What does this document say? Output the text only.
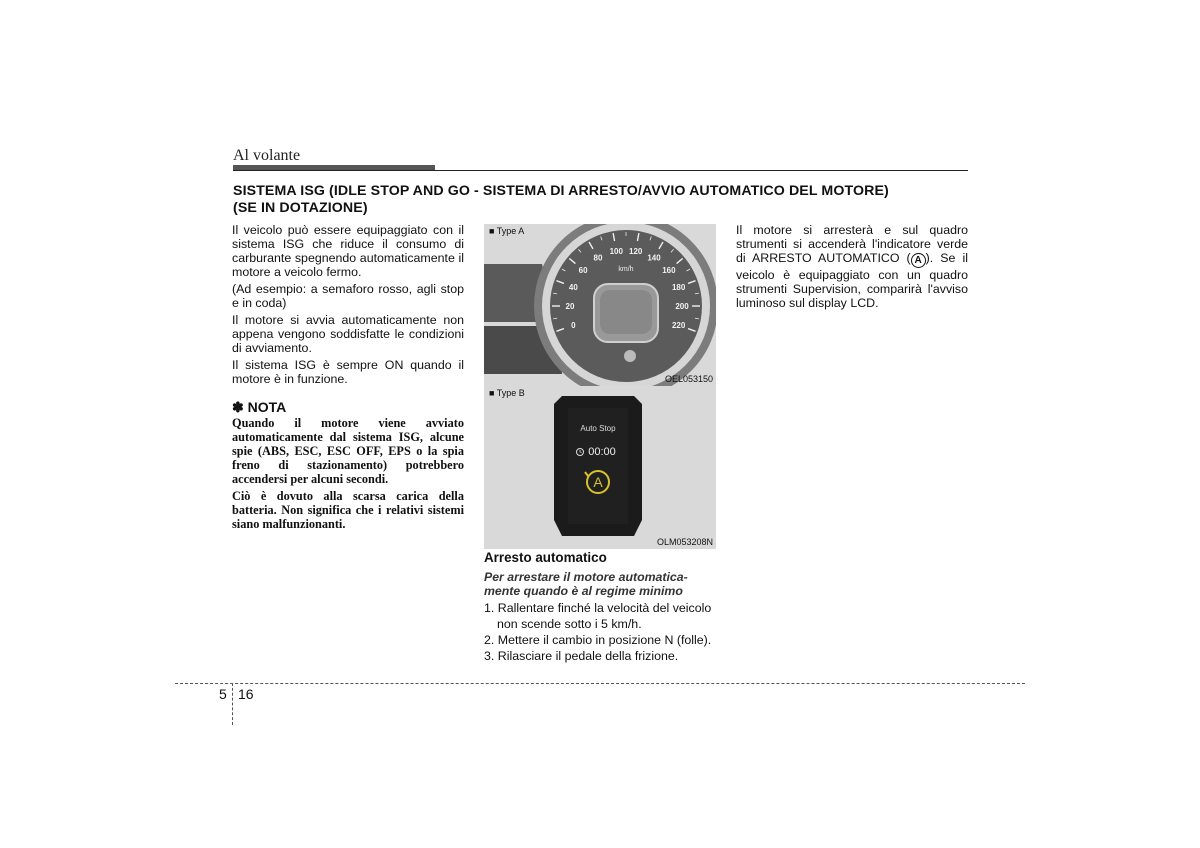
Al volante
SISTEMA ISG (IDLE STOP AND GO - SISTEMA DI ARRESTO/AVVIO AUTOMATICO DEL MOTORE)
(SE IN DOTAZIONE)

Il veicolo può essere equipaggiato con il sistema ISG che riduce il consumo di carburante spegnendo automaticamente il motore a veicolo fermo.

(Ad esempio: a semaforo rosso, agli stop e in coda)

Il motore si avvia automaticamente non appena vengono soddisfatte le condizioni di avviamento.

Il sistema ISG è sempre ON quando il motore è in funzione.

✽ NOTA

Quando il motore viene avviato automaticamente dal sistema ISG, alcune spie (ABS, ESC, ESC OFF, EPS o la spia freno di stazionamento) potrebbero accendersi per alcuni secondi.

Ciò è dovuto alla scarsa carica della batteria. Non significa che i relativi sistemi siano malfunzionanti.

■ Type A
0
20
40
60
80
100 120
140
160
180
200
220
km/h
OEL053150
■ Type B
Auto Stop
00:00
A
OLM053208N
Arresto automatico
Per arrestare il motore automatica-
mente quando è al regime minimo
1. Rallentare finché la velocità del veicolo
non scende sotto i 5 km/h.
2. Mettere il cambio in posizione N (folle).
3. Rilasciare il pedale della frizione.

Il motore si arresterà e sul quadro strumenti si accenderà l'indicatore verde di ARRESTO AUTOMATICO ( A ). Se il veicolo è equipaggiato con un quadro strumenti Supervision, comparirà l'avviso luminoso sul display LCD.

5 16
